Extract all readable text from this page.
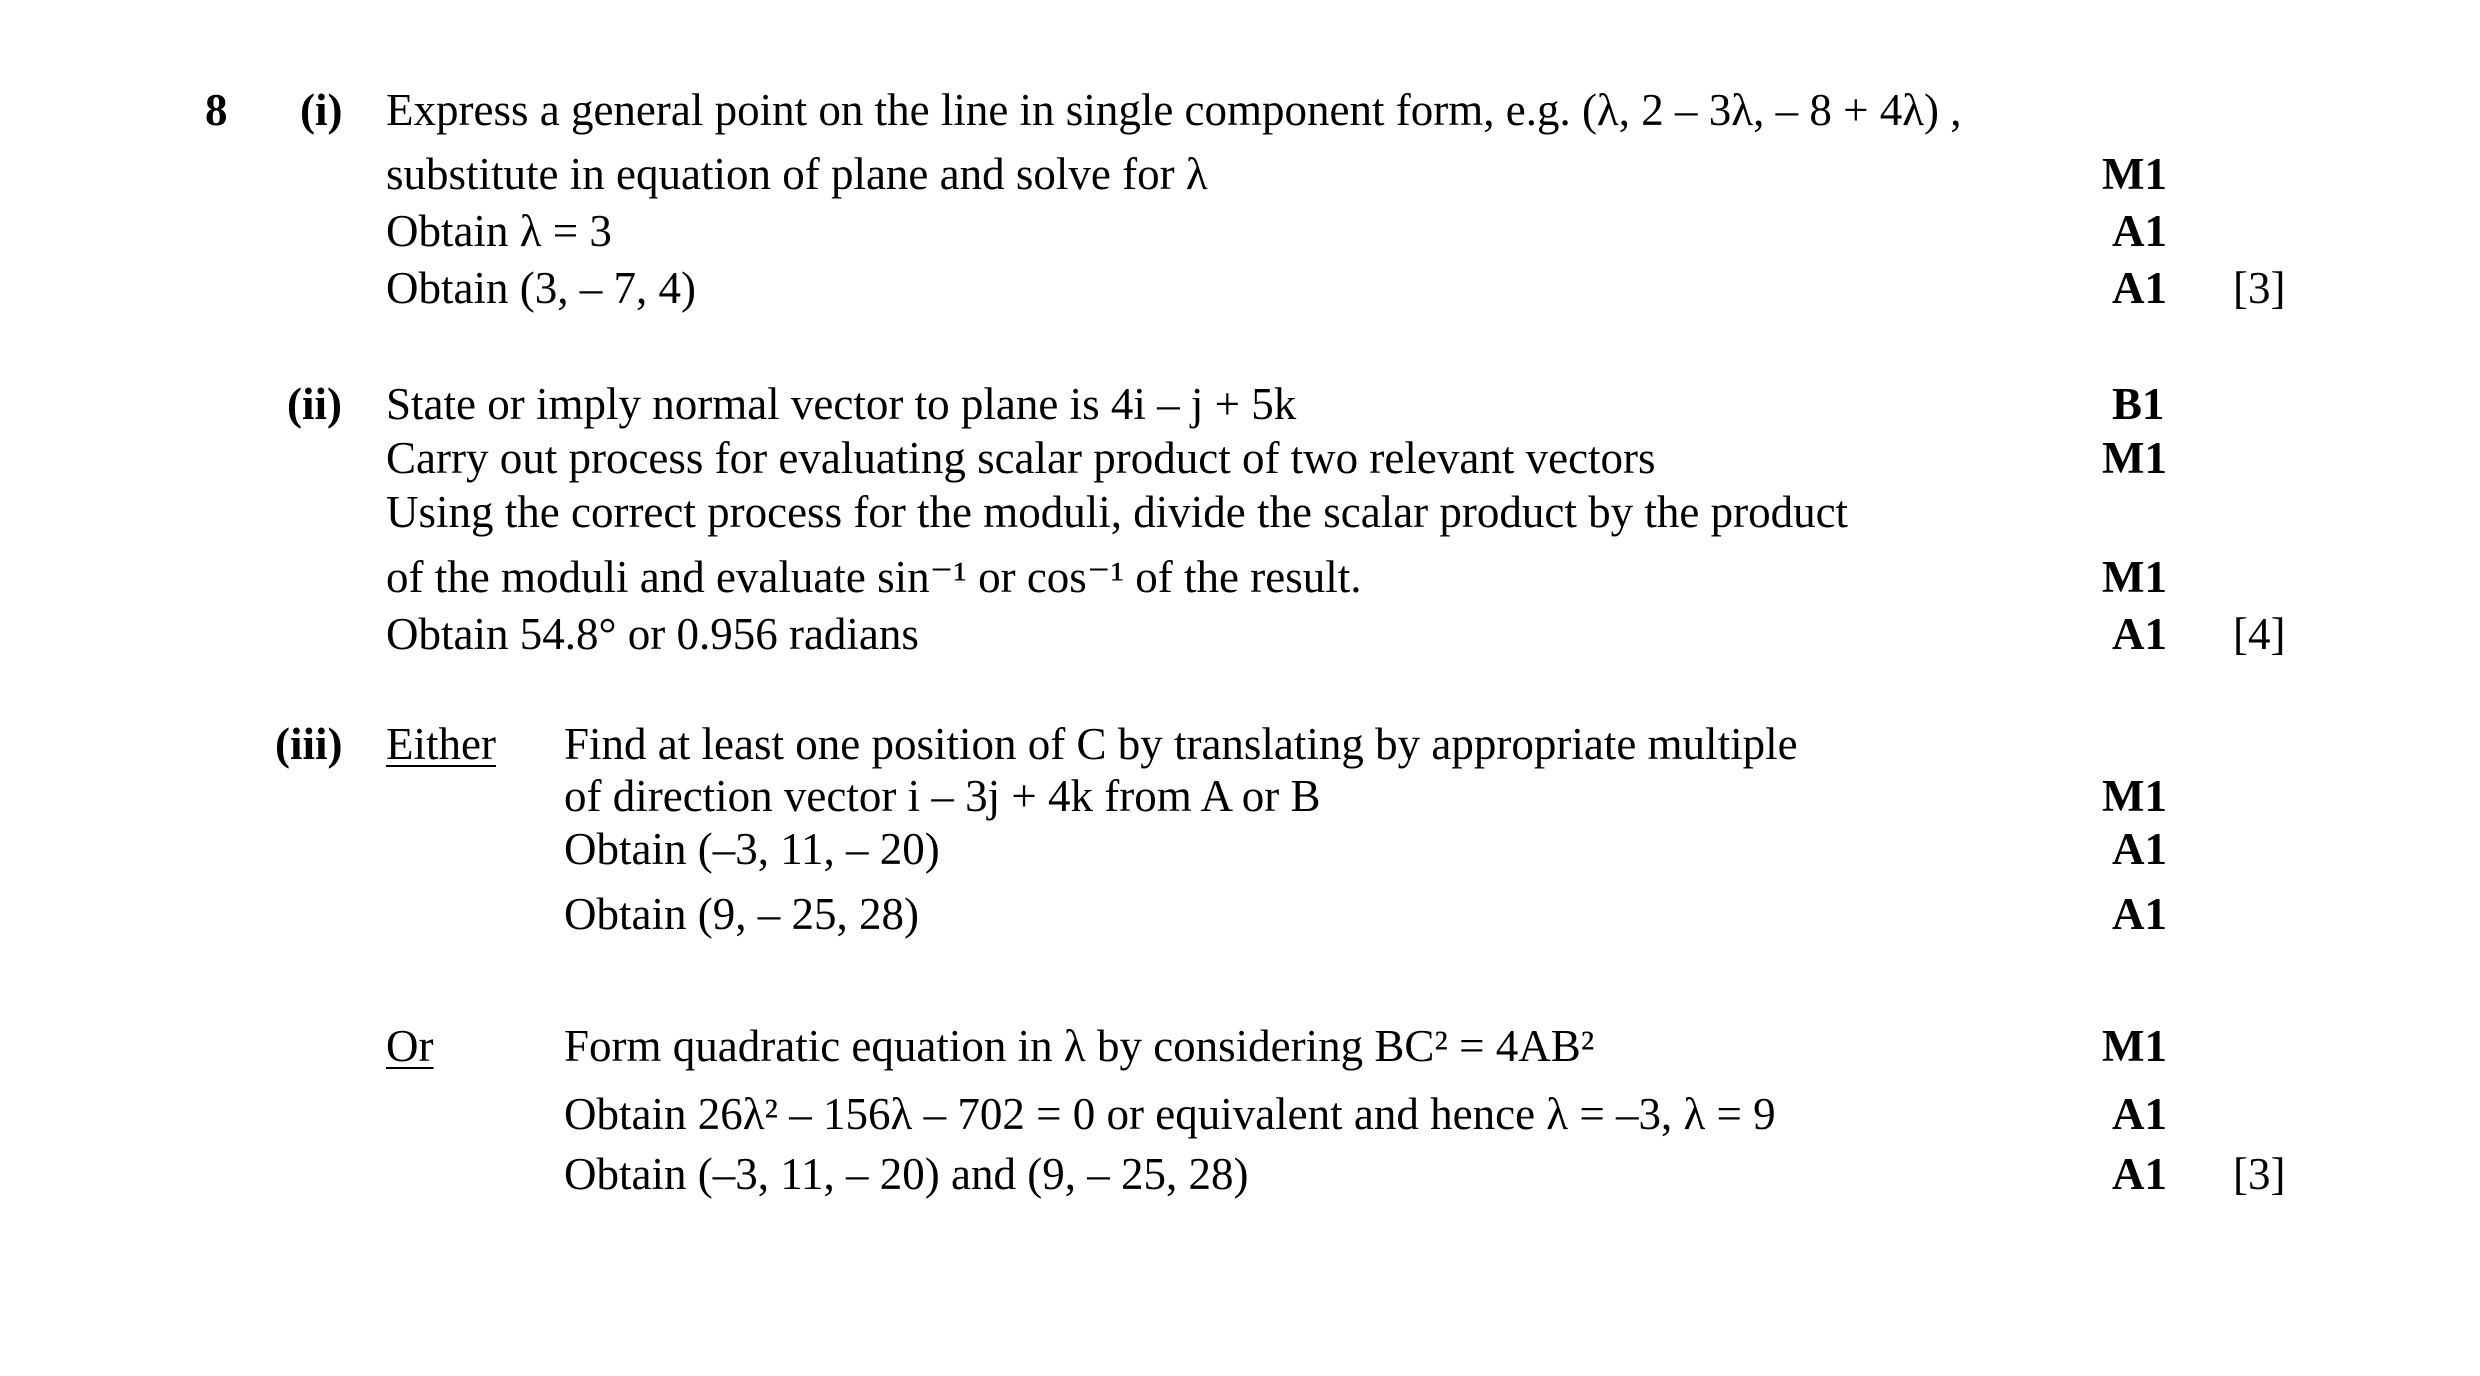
8 (i) Express a general point on the line in single component form, e.g. (λ, 2 – 3λ, – 8 + 4λ) ,
substitute in equation of plane and solve for λ
Obtain λ = 3
Obtain (3, – 7, 4)
M1
A1
A1 [3]
(ii) State or imply normal vector to plane is 4i – j + 5k
Carry out process for evaluating scalar product of two relevant vectors
Using the correct process for the moduli, divide the scalar product by the product
of the moduli and evaluate sin⁻¹ or cos⁻¹ of the result.
Obtain 54.8° or 0.956 radians
B1
M1
M1
A1 [4]
(iii) Either Find at least one position of C by translating by appropriate multiple
of direction vector i – 3j + 4k from A or B
Obtain (–3, 11, – 20)
Obtain (9, – 25, 28)
M1
A1
A1
Or	Form quadratic equation in λ by considering BC² = 4AB²
Obtain 26λ² – 156λ – 702 = 0 or equivalent and hence λ = –3, λ = 9
Obtain (–3, 11, – 20) and (9, – 25, 28)
M1
A1
A1 [3]
